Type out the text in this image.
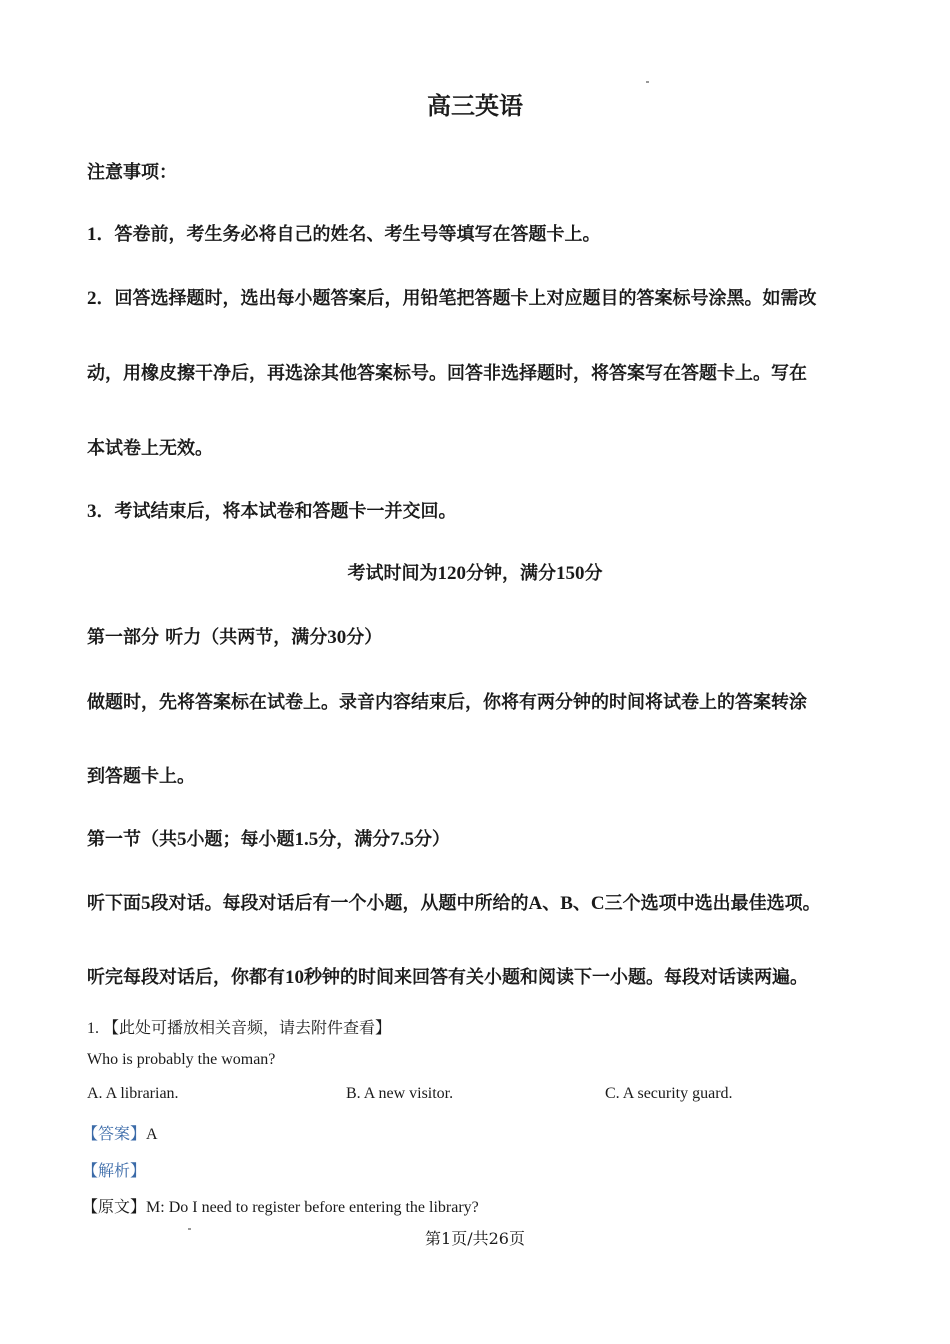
高三英语
注意事项：
1．答卷前，考生务必将自己的姓名、考生号等填写在答题卡上。
2．回答选择题时，选出每小题答案后，用铅笔把答题卡上对应题目的答案标号涂黑。如需改
动，用橡皮擦干净后，再选涂其他答案标号。回答非选择题时，将答案写在答题卡上。写在
本试卷上无效。
3．考试结束后，将本试卷和答题卡一并交回。
考试时间为120分钟，满分150分
第一部分 听力（共两节，满分30分）
做题时，先将答案标在试卷上。录音内容结束后，你将有两分钟的时间将试卷上的答案转涂
到答题卡上。
第一节（共5小题；每小题1.5分，满分7.5分）
听下面5段对话。每段对话后有一个小题，从题中所给的A、B、C三个选项中选出最佳选项。
听完每段对话后，你都有10秒钟的时间来回答有关小题和阅读下一小题。每段对话读两遍。
1. 【此处可播放相关音频，请去附件查看】
Who is probably the woman?
A. A librarian.	B. A new visitor.	C. A security guard.
【答案】A
【解析】
【原文】M: Do I need to register before entering the library?
第1页/共26页
